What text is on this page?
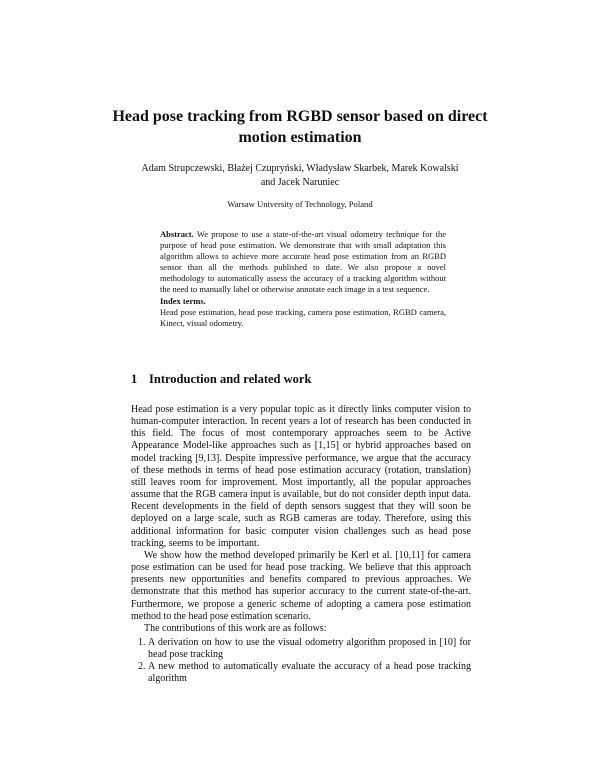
Head pose tracking from RGBD sensor based on direct motion estimation
Adam Strupczewski, Błażej Czupryński, Władysław Skarbek, Marek Kowalski
and Jacek Naruniec
Warsaw University of Technology, Poland

Abstract. We propose to use a state-of-the-art visual odometry technique for the purpose of head pose estimation. We demonstrate that with small adaptation this algorithm allows to achieve more accurate head pose estimation from an RGBD sensor than all the methods published to date. We also propose a novel methodology to automatically assess the accuracy of a tracking algorithm without the need to manually label or otherwise annotate each image in a test sequence.

Index terms.

Head pose estimation, head pose tracking, camera pose estimation, RGBD camera, Kinect, visual odometry.

1 Introduction and related work

Head pose estimation is a very popular topic as it directly links computer vision to human-computer interaction. In recent years a lot of research has been conducted in this field. The focus of most contemporary approaches seem to be Active Appearance Model-like approaches such as [1,15] or hybrid approaches based on model tracking [9,13]. Despite impressive performance, we argue that the accuracy of these methods in terms of head pose estimation accuracy (rotation, translation) still leaves room for improvement. Most importantly, all the popular approaches assume that the RGB camera input is available, but do not consider depth input data. Recent developments in the field of depth sensors suggest that they will soon be deployed on a large scale, such as RGB cameras are today. Therefore, using this additional information for basic computer vision challenges such as head pose tracking, seems to be important.

We show how the method developed primarily be Kerl et al. [10,11] for camera pose estimation can be used for head pose tracking. We believe that this approach presents new opportunities and benefits compared to previous approaches. We demonstrate that this method has superior accuracy to the current state-of-the-art. Furthermore, we propose a generic scheme of adopting a camera pose estimation method to the head pose estimation scenario.

The contributions of this work are as follows:

1. A derivation on how to use the visual odometry algorithm proposed in [10] for head pose tracking
2. A new method to automatically evaluate the accuracy of a head pose tracking algorithm
